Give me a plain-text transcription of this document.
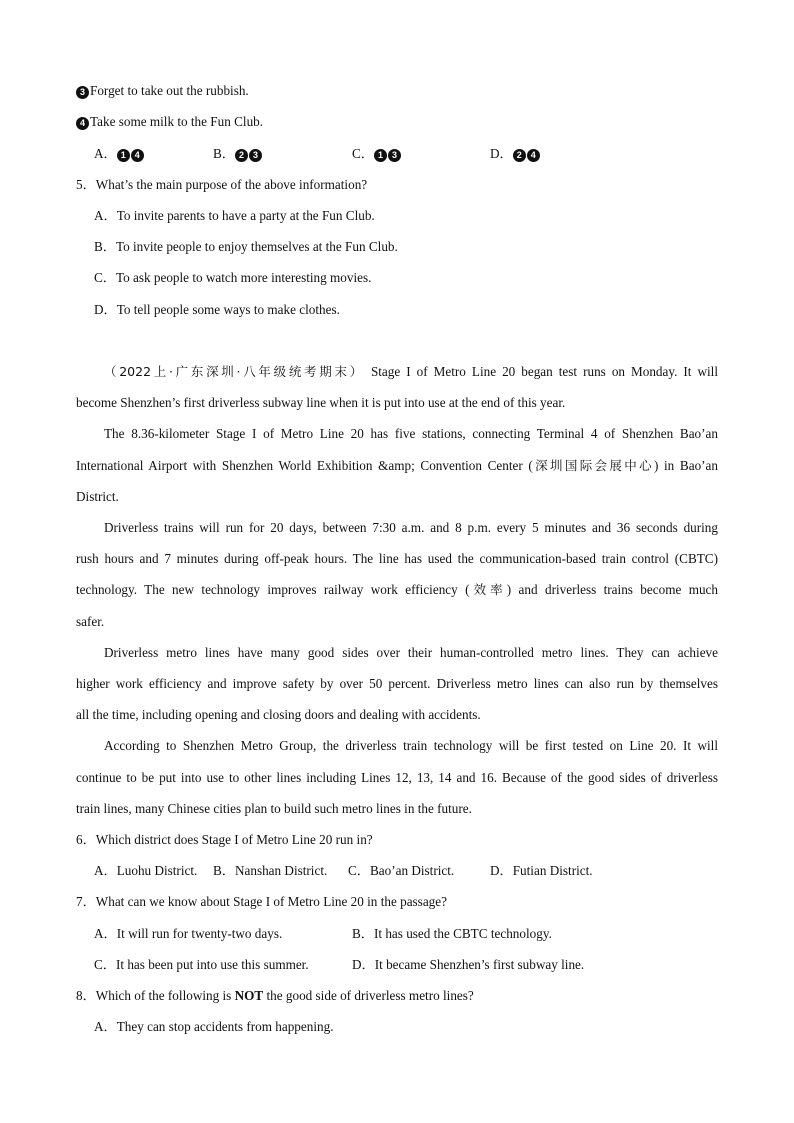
3 Forget to take out the rubbish.
4 Take some milk to the Fun Club.
A． 1 4	B． 2 3	C． 1 3	D． 2 4
5．What’s the main purpose of the above information?
A．To invite parents to have a party at the Fun Club.
B．To invite people to enjoy themselves at the Fun Club.
C．To ask people to watch more interesting movies.
D．To tell people some ways to make clothes.
（2022上·广东深圳·八年级统考期末） Stage I of Metro Line 20 began test runs on Monday. It will
become Shenzhen’s first driverless subway line when it is put into use at the end of this year.
The 8.36-kilometer Stage I of Metro Line 20 has five stations, connecting Terminal 4 of Shenzhen Bao’an
International Airport with Shenzhen World Exhibition &amp; Convention Center (深圳国际会展中心) in Bao’an
District.
Driverless trains will run for 20 days, between 7:30 a.m. and 8 p.m. every 5 minutes and 36 seconds during
rush hours and 7 minutes during off-peak hours. The line has used the communication-based train control (CBTC)
technology. The new technology improves railway work efficiency (效率) and driverless trains become much
safer.
Driverless metro lines have many good sides over their human-controlled metro lines. They can achieve
higher work efficiency and improve safety by over 50 percent. Driverless metro lines can also run by themselves
all the time, including opening and closing doors and dealing with accidents.
According to Shenzhen Metro Group, the driverless train technology will be first tested on Line 20. It will
continue to be put into use to other lines including Lines 12, 13, 14 and 16. Because of the good sides of driverless
train lines, many Chinese cities plan to build such metro lines in the future.
6．Which district does Stage I of Metro Line 20 run in?
A．Luohu District. B．Nanshan District. C．Bao’an District.	D．Futian District.
7．What can we know about Stage I of Metro Line 20 in the passage?
A．It will run for twenty-two days.	B．It has used the CBTC technology.
C．It has been put into use this summer.	D．It became Shenzhen’s first subway line.
8．Which of the following is NOT the good side of driverless metro lines?
A．They can stop accidents from happening.
